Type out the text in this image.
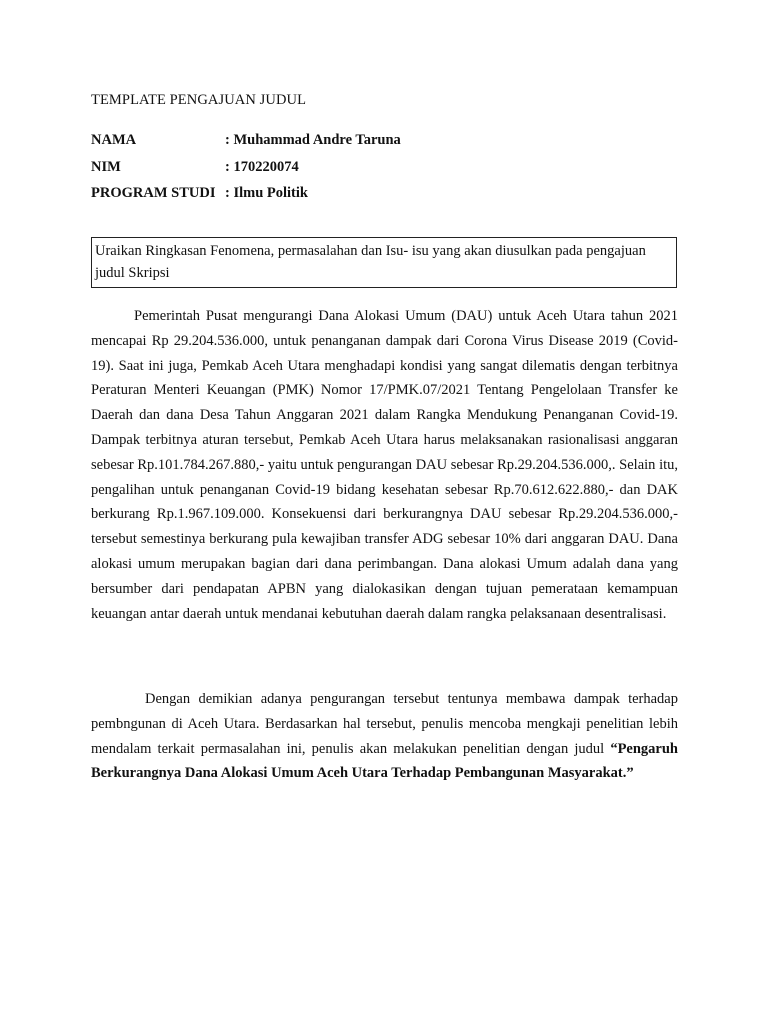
TEMPLATE PENGAJUAN JUDUL
NAMA	: Muhammad Andre Taruna
NIM	: 170220074
PROGRAM STUDI : Ilmu Politik
Uraikan Ringkasan Fenomena, permasalahan dan Isu- isu yang akan diusulkan pada pengajuan judul Skripsi

Pemerintah Pusat mengurangi Dana Alokasi Umum (DAU) untuk Aceh Utara tahun 2021 mencapai Rp 29.204.536.000, untuk penanganan dampak dari Corona Virus Disease 2019 (Covid-19). Saat ini juga, Pemkab Aceh Utara menghadapi kondisi yang sangat dilematis dengan terbitnya Peraturan Menteri Keuangan (PMK) Nomor 17/PMK.07/2021 Tentang Pengelolaan Transfer ke Daerah dan dana Desa Tahun Anggaran 2021 dalam Rangka Mendukung Penanganan Covid-19. Dampak terbitnya aturan tersebut, Pemkab Aceh Utara harus melaksanakan rasionalisasi anggaran sebesar Rp.101.784.267.880,- yaitu untuk pengurangan DAU sebesar Rp.29.204.536.000,. Selain itu, pengalihan untuk penanganan Covid-19 bidang kesehatan sebesar Rp.70.612.622.880,- dan DAK berkurang Rp.1.967.109.000. Konsekuensi dari berkurangnya DAU sebesar Rp.29.204.536.000,- tersebut semestinya berkurang pula kewajiban transfer ADG sebesar 10% dari anggaran DAU. Dana alokasi umum merupakan bagian dari dana perimbangan. Dana alokasi Umum adalah dana yang bersumber dari pendapatan APBN yang dialokasikan dengan tujuan pemerataan kemampuan keuangan antar daerah untuk mendanai kebutuhan daerah dalam rangka pelaksanaan desentralisasi.

Dengan demikian adanya pengurangan tersebut tentunya membawa dampak terhadap pembngunan di Aceh Utara. Berdasarkan hal tersebut, penulis mencoba mengkaji penelitian lebih mendalam terkait permasalahan ini, penulis akan melakukan penelitian dengan judul “Pengaruh Berkurangnya Dana Alokasi Umum Aceh Utara Terhadap Pembangunan Masyarakat.”
